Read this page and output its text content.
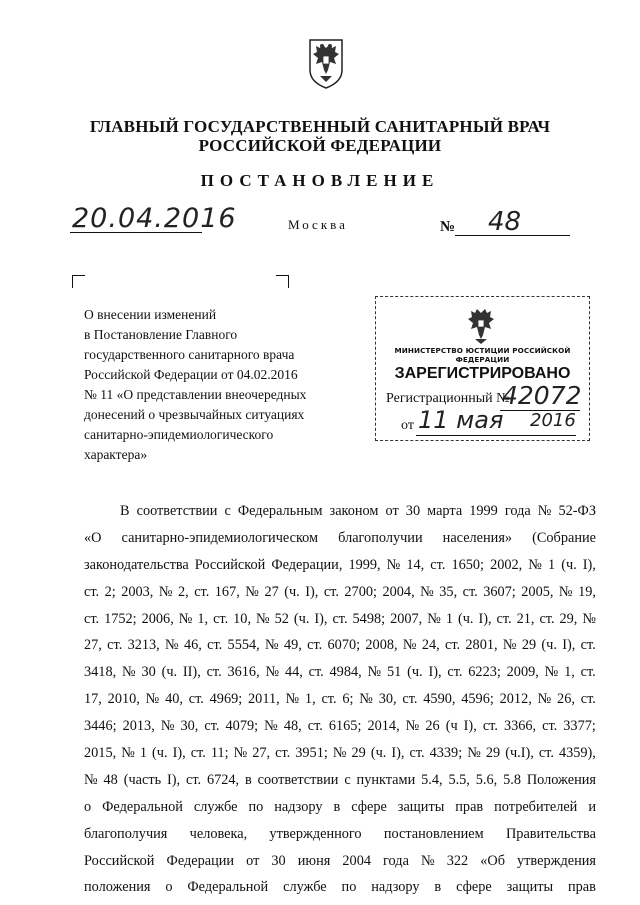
ГЛАВНЫЙ ГОСУДАРСТВЕННЫЙ САНИТАРНЫЙ ВРАЧ
РОССИЙСКОЙ ФЕДЕРАЦИИ
ПОСТАНОВЛЕНИЕ
20.04.2016	Москва	№ 48
О внесении изменений
в Постановление Главного
государственного санитарного врача
Российской Федерации от 04.02.2016
№ 11 «О представлении внеочередных
донесений о чрезвычайных ситуациях
санитарно-эпидемиологического
характера»
МИНИСТЕРСТВО ЮСТИЦИИ РОССИЙСКОЙ ФЕДЕРАЦИИ
ЗАРЕГИСТРИРОВАНО
Регистрационный №
42072
от 11 мая 2016
В соответствии с Федеральным законом от 30 марта 1999 года № 52-ФЗ
«О санитарно-эпидемиологическом благополучии населения» (Собрание
законодательства Российской Федерации, 1999, № 14, ст. 1650; 2002, № 1 (ч. I),
ст. 2; 2003, № 2, ст. 167, № 27 (ч. I), ст. 2700; 2004, № 35, ст. 3607; 2005, № 19,
ст. 1752; 2006, № 1, ст. 10, № 52 (ч. I), ст. 5498; 2007, № 1 (ч. I), ст. 21, ст. 29, №
27, ст. 3213, № 46, ст. 5554, № 49, ст. 6070; 2008, № 24, ст. 2801, № 29 (ч. I), ст.
3418, № 30 (ч. II), ст. 3616, № 44, ст. 4984, № 51 (ч. I), ст. 6223; 2009, № 1, ст.
17, 2010, № 40, ст. 4969; 2011, № 1, ст. 6; № 30, ст. 4590, 4596; 2012, № 26, ст.
3446; 2013, № 30, ст. 4079; № 48, ст. 6165; 2014, № 26 (ч I), ст. 3366, ст. 3377;
2015, № 1 (ч. I), ст. 11; № 27, ст. 3951; № 29 (ч. I), ст. 4339; № 29 (ч.I), ст. 4359),
№ 48 (часть I), ст. 6724, в соответствии с пунктами 5.4, 5.5, 5.6, 5.8 Положения
о Федеральной службе по надзору в сфере защиты прав потребителей и
благополучия человека, утвержденного постановлением Правительства
Российской Федерации от 30 июня 2004 года № 322 «Об утверждения
положения о Федеральной службе по надзору в сфере защиты прав
